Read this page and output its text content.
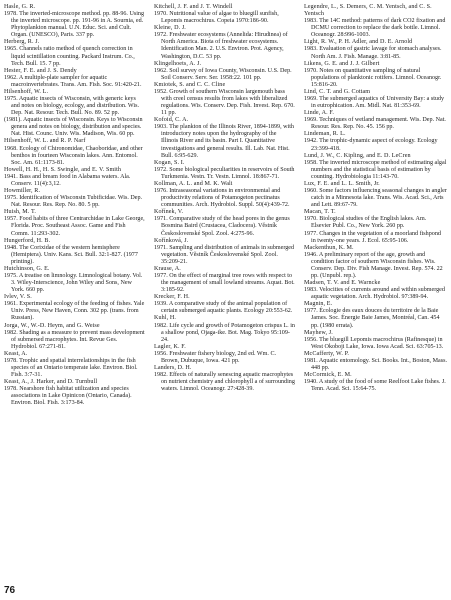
Hasle, G. R.
1978. The inverted-microscope method. pp. 88-96. Using the inverted microscope. pp. 191-96 in A. Sournia, ed. Phytoplankton manual. U.N. Educ. Sci. and Cult. Organ. (UNESCO), Paris. 337 pp.
Herberg, R. J.
1965. Channels ratio method of quench correction in liquid scintillation counting. Packard Instrum. Co., Tech. Bull. 15. 7 pp.
Hester, F. E. and J. S. Dendy
1962. A multiple-plate sampler for aquatic macroinvertebrates. Trans. Am. Fish. Soc. 91:420-21.
Hilsenhoff, W. L.
1975. Aquatic insects of Wisconsin, with generic keys and notes on biology, ecology, and distribution. Wis. Dep. Nat. Resour. Tech. Bull. No. 89. 52 pp.
(1981). Aquatic insects of Wisconsin. Keys to Wisconsin genera and notes on biology, distribution and species. Nat. Hist. Counc. Univ. Wis. Madison, Wis. 60 pp.
Hilsenhoff, W. L. and R. P. Narf
1968. Ecology of Chironomidae, Chaoboridae, and other benthos in fourteen Wisconsin lakes. Ann. Entomol. Soc. Am. 61:1173-81.
Howell, H. H., H. S. Swingle, and E. V. Smith
1941. Bass and bream food in Alabama waters. Ala. Conserv. 11(4):3,12.
Howmiller, R.
1975. Identification of Wisconsin Tubificidae. Wis. Dep. Nat. Resour. Res. Rep. No. 80. 5 pp.
Huish, M. T.
1957. Food habits of three Centrarchidae in Lake George, Florida. Proc. Southeast Assoc. Game and Fish Comm. 11:293-302.
Hungerford, H. B.
1948. The Corixidae of the western hemisphere (Hemiptera). Univ. Kans. Sci. Bull. 32:1-827. (1977 printing).
Hutchinson, G. E.
1975. A treatise on limnology. Limnological botany. Vol. 3. Wiley-Interscience, John Wiley and Sons, New York. 660 pp.
Ivlev, V. S.
1961. Experimental ecology of the feeding of fishes. Yale Univ. Press, New Haven, Conn. 302 pp. (trans. from Russian).
Jorga, W., W.-D. Heym, and G. Weise
1982. Shading as a measure to prevent mass development of submersed macrophytes. Int. Revue Ges. Hydrobiol. 67:271-81.
Keast, A.
1978. Trophic and spatial interrelationships in the fish species of an Ontario temperate lake. Environ. Biol. Fish. 3:7-31.
Keast, A., J. Harker, and D. Turnbull
1978. Nearshore fish habitat utilization and species associations in Lake Opinicon (Ontario, Canada). Environ. Biol. Fish. 3:173-84.
Kitchell, J. F. and J. T. Windell
1970. Nutritional value of algae to bluegill sunfish, Lepomis macrochirus. Copeia 1970:186-90.
Kleine, D. J.
1972. Freshwater ecosystems (Annelida: Hirudinea) of North America. Biota of freshwater ecosystems. Identification Man. 2. U.S. Environ. Prot. Agency, Washington, D.C. 53 pp.
Klingelhoets, A. J.
1962. Soil survey of Iowa County, Wisconsin. U.S. Dep. Soil Conserv. Serv. Ser. 1958:22. 101 pp.
Kmiotek, S. and C. C. Cline
1952. Growth of southern Wisconsin largemouth bass with creel census results from lakes with liberalized regulations. Wis. Conserv. Dep. Fish. Invest. Rep. 670. 11 pp.
Kofoid, C. A.
1903. The plankton of the Illinois River, 1894-1899, with introductory notes upon the hydrography of the Illinois River and its basin. Part I. Quantitative investigations and general results. Ill. Lab. Nat. Hist. Bull. 6:95-629.
Kogan, S. I.
1972. Some biological peculiarities in reservoirs of South Turkmenia. Vestn. Tr. Vestn. Limnol. 18:867-71.
Kollman, A. L. and M. K. Wali
1976. Intraseasonal variations in environmental and productivity relations of Potamogeton pectinatus communities. Arch. Hydrobiol. Suppl. 50(4):439-72.
Kořínek, V.
1971. Comparative study of the head pores in the genus Bosmina Baird (Crustacea, Cladocera). Věstník Československé Spol. Zool. 4:275-96.
Kořínková, J.
1971. Sampling and distribution of animals in submerged vegetation. Věstník Československé Spol. Zool. 35:209-21.
Krause, A.
1977. On the effect of marginal tree rows with respect to the management of small lowland streams. Aquat. Bot. 3:185-92.
Krecker, F. H.
1939. A comparative study of the animal population of certain submerged aquatic plants. Ecology 20:553-62.
Kuhl, H.
1982. Life cycle and growth of Potamogeton crispus L. in a shallow pond, Ojaga-ike. Bot. Mag. Tokyo 95:109-24.
Lagler, K. F.
1956. Freshwater fishery biology, 2nd ed. Wm. C. Brown, Dubuque, Iowa. 421 pp.
Landers, D. H.
1982. Effects of naturally senescing aquatic macrophytes on nutrient chemistry and chlorophyll a of surrounding waters. Limnol. Oceanogr. 27:428-39.
Legendre, L., S. Demers, C. M. Yentsch, and C. S. Yentsch
1983. The 14C method: patterns of dark CO2 fixation and DCMU correction to replace the dark bottle. Limnol. Oceanogr. 28:996-1003.
Light, R. W., P. H. Adler, and D. E. Arnold
1983. Evaluation of gastric lavage for stomach analyses. North Am. J. Fish. Manage. 3:81-85.
Likens, G. E. and J. J. Gilbert
1970. Notes on quantitative sampling of natural populations of planktonic rotifers. Limnol. Oceanogr. 15:816-20.
Lind, C. T. and G. Cottam
1969. The submerged aquatics of University Bay: a study in eutrophication. Am. Midl. Nat. 81:353-69.
Linde, A. F.
1969. Techniques of wetland management. Wis. Dep. Nat. Resour. Res. Rep. No. 45. 156 pp.
Lindeman, R. L.
1942. The trophic-dynamic aspect of ecology. Ecology 23:399-418.
Lund, J. W., C. Kipling, and E. D. LeCren
1958. The inverted microscope method of estimating algal numbers and the statistical basis of estimation by counting. Hydrobiologia 11:143-70.
Lux, F. E. and L. L. Smith, Jr.
1960. Some factors influencing seasonal changes in angler catch in a Minnesota lake. Trans. Wis. Acad. Sci., Arts and Lett. 89:67-79.
Macan, T. T.
1970. Biological studies of the English lakes. Am. Elsevier Publ. Co., New York. 260 pp.
1977. Changes in the vegetation of a moorland fishpond in twenty-one years. J. Ecol. 65:95-106.
Mackenthun, K. M.
1946. A preliminary report of the age, growth and condition factor of southern Wisconsin fishes. Wis. Conserv. Dep. Div. Fish Manage. Invest. Rep. 574. 22 pp. (Unpubl. rep.).
Madsen, T. V. and E. Warncke
1983. Velocities of currents around and within submerged aquatic vegetation. Arch. Hydrobiol. 97:389-94.
Magnin, E.
1977. Écologie des eaux douces du territoire de la Baie James. Soc. Énergie Baie James, Montréal, Can. 454 pp. (1980 errata).
Mayhew, J.
1956. The bluegill Lepomis macrochirus (Rafinesque) in West Okoboji Lake, Iowa. Iowa Acad. Sci. 63:705-13.
McCafferty, W. P.
1981. Aquatic entomology. Sci. Books. Int., Boston, Mass. 448 pp.
McCormick, E. M.
1940. A study of the food of some Reelfoot Lake fishes. J. Tenn. Acad. Sci. 15:64-75.
76
